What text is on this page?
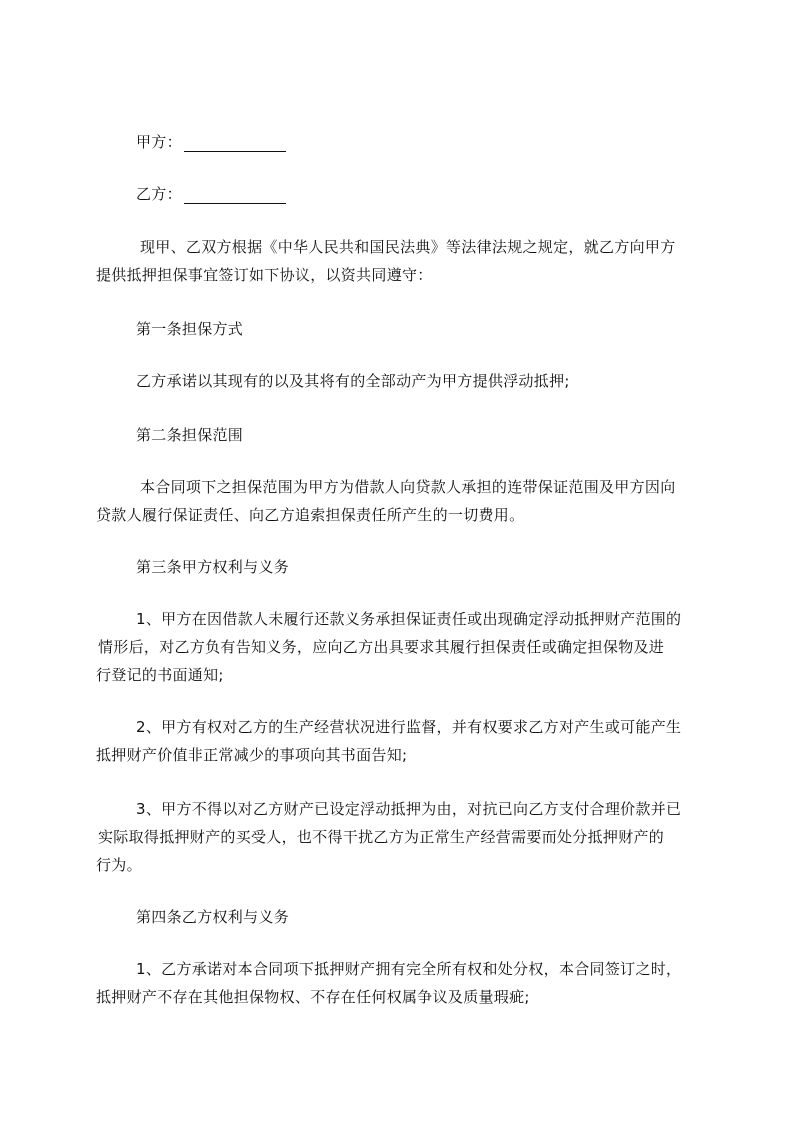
甲方：
乙方：
现甲、乙双方根据《中华人民共和国民法典》等法律法规之规定，就乙方向甲方
提供抵押担保事宜签订如下协议，以资共同遵守：
第一条担保方式
乙方承诺以其现有的以及其将有的全部动产为甲方提供浮动抵押;
第二条担保范围
本合同项下之担保范围为甲方为借款人向贷款人承担的连带保证范围及甲方因向
贷款人履行保证责任、向乙方追索担保责任所产生的一切费用。
第三条甲方权利与义务
1、甲方在因借款人未履行还款义务承担保证责任或出现确定浮动抵押财产范围的
情形后，对乙方负有告知义务，应向乙方出具要求其履行担保责任或确定担保物及进
行登记的书面通知;
2、甲方有权对乙方的生产经营状况进行监督，并有权要求乙方对产生或可能产生
抵押财产价值非正常减少的事项向其书面告知;
3、甲方不得以对乙方财产已设定浮动抵押为由，对抗已向乙方支付合理价款并已
实际取得抵押财产的买受人，也不得干扰乙方为正常生产经营需要而处分抵押财产的
行为。
第四条乙方权利与义务
1、乙方承诺对本合同项下抵押财产拥有完全所有权和处分权，本合同签订之时，
抵押财产不存在其他担保物权、不存在任何权属争议及质量瑕疵;
